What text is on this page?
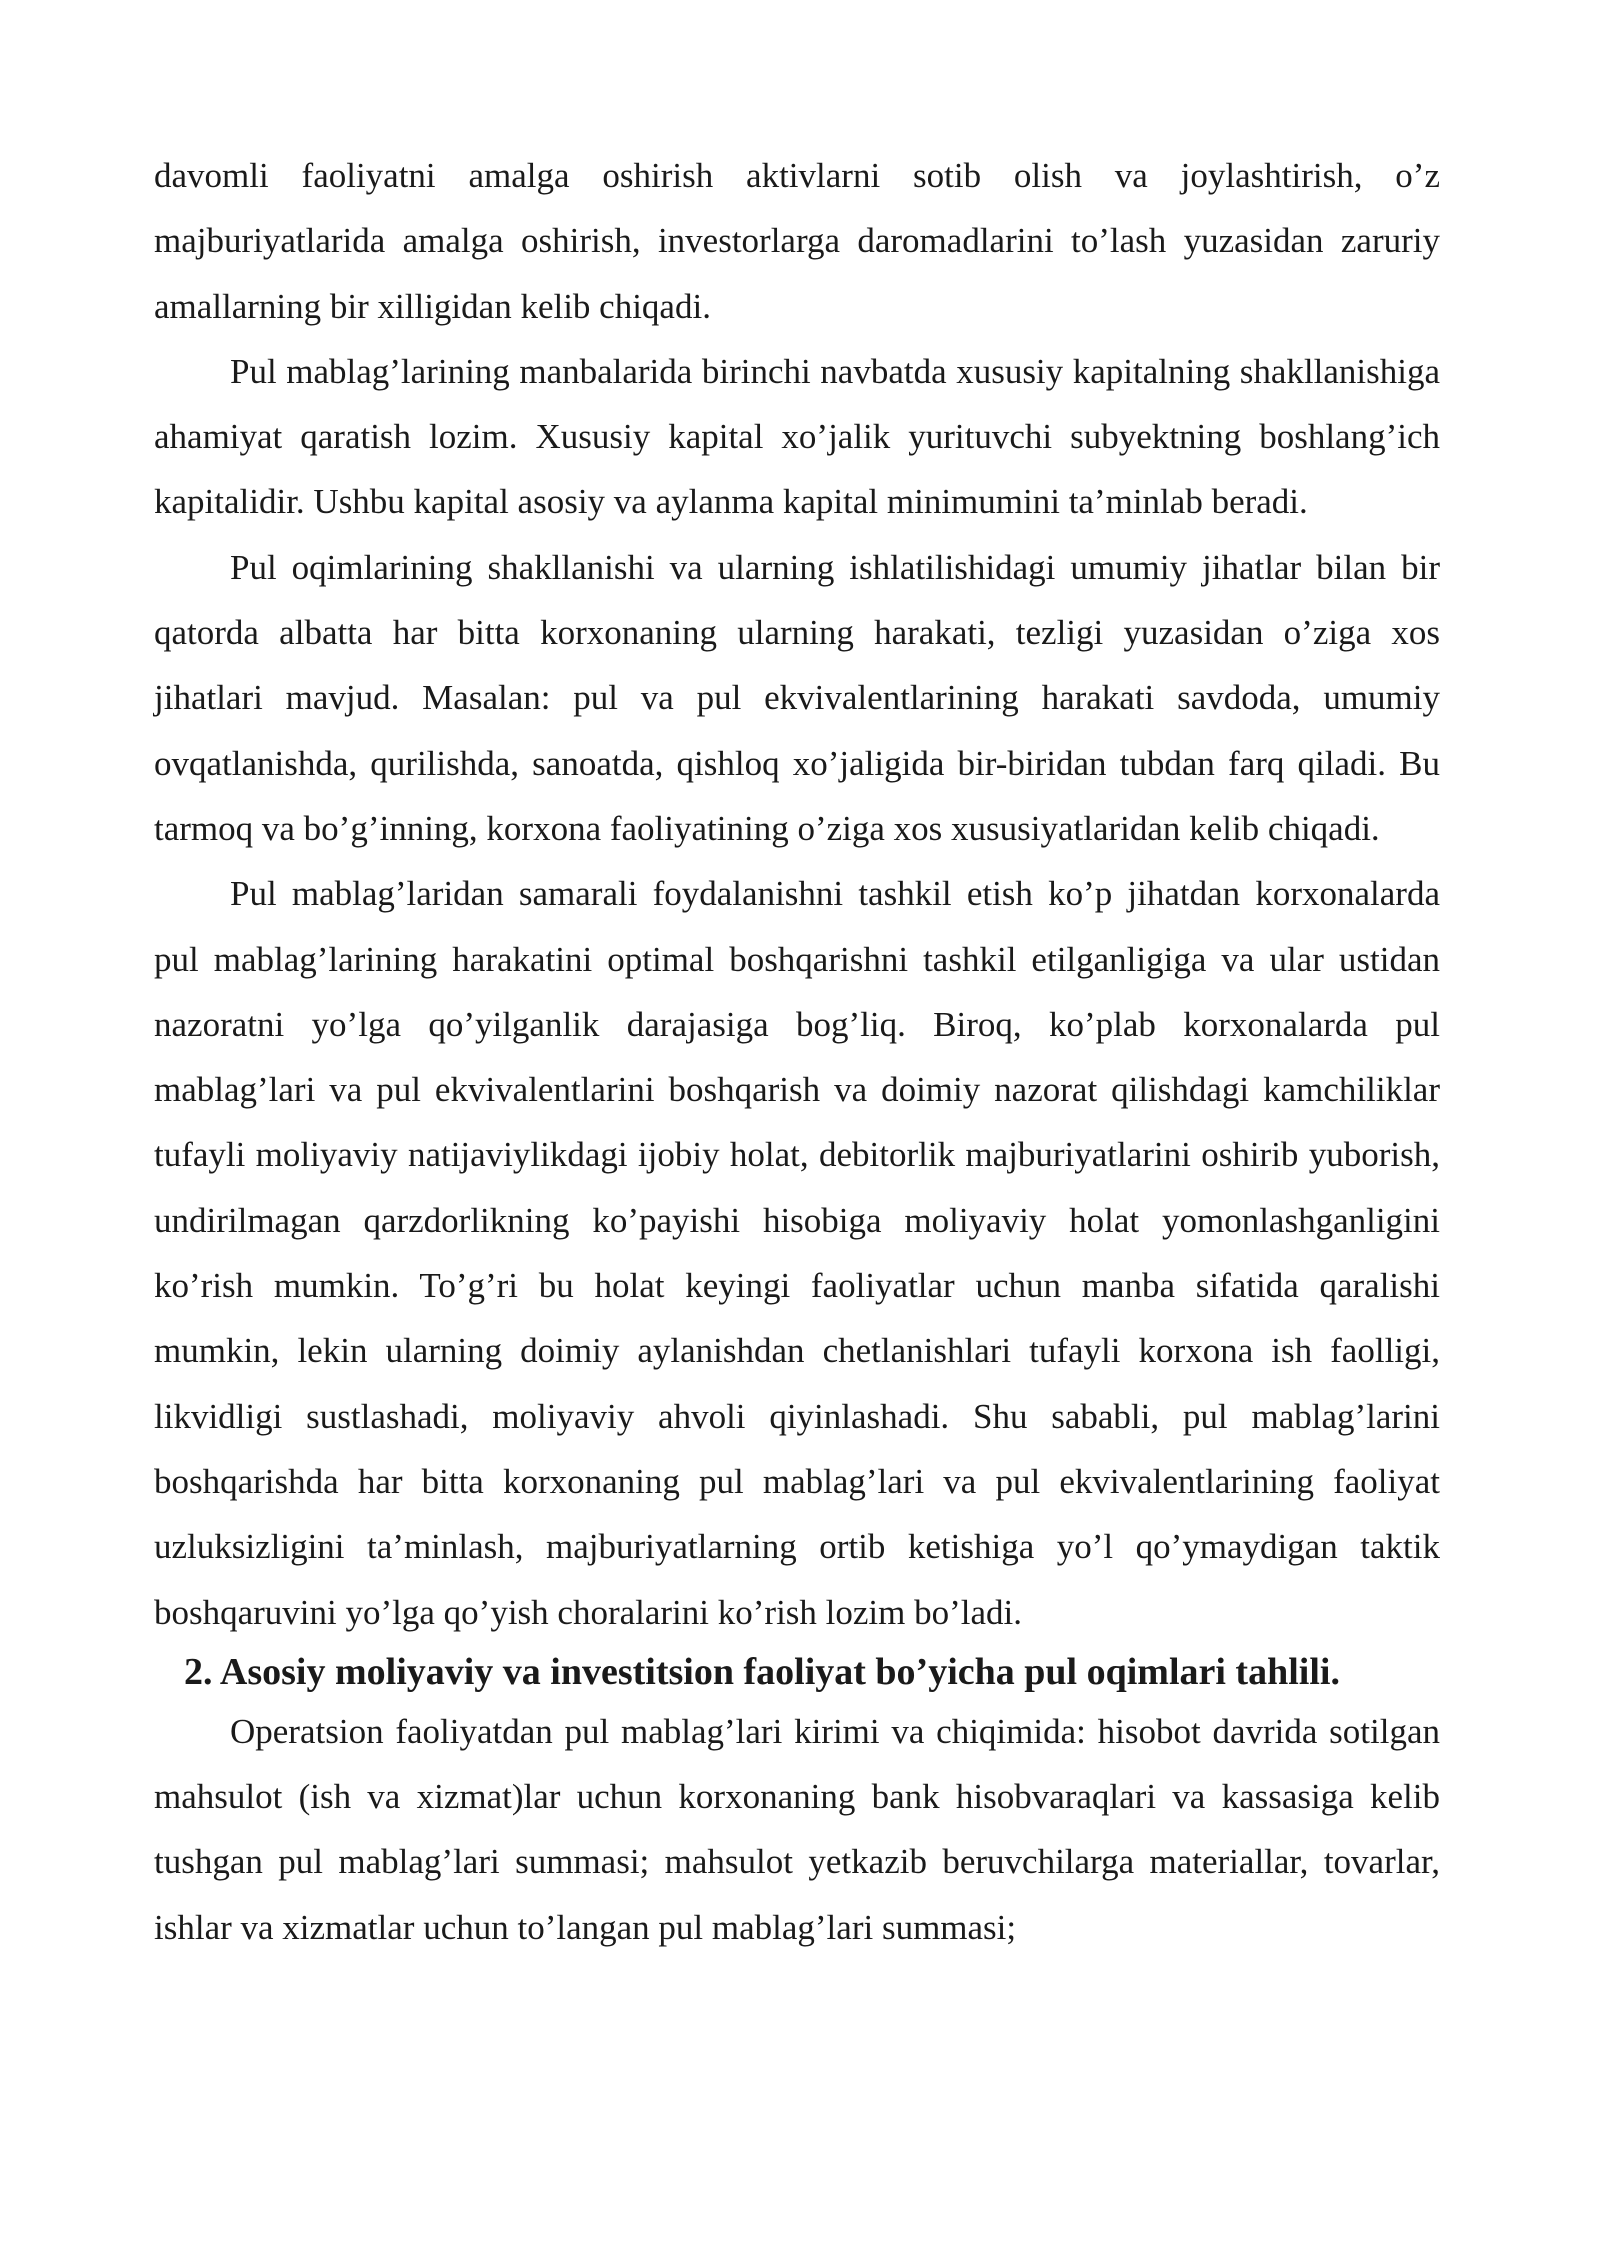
davomli faoliyatni amalga oshirish aktivlarni sotib olish va joylashtirish, o’z majburiyatlarida amalga oshirish, investorlarga daromadlarini to’lash yuzasidan zaruriy amallarning bir xilligidan kelib chiqadi.

Pul mablag’larining manbalarida birinchi navbatda xususiy kapitalning shakllanishiga ahamiyat qaratish lozim. Xususiy kapital xo’jalik yurituvchi subyektning boshlang’ich kapitalidir. Ushbu kapital asosiy va aylanma kapital minimumini ta’minlab beradi.

Pul oqimlarining shakllanishi va ularning ishlatilishidagi umumiy jihatlar bilan bir qatorda albatta har bitta korxonaning ularning harakati, tezligi yuzasidan o’ziga xos jihatlari mavjud. Masalan: pul va pul ekvivalentlarining harakati savdoda, umumiy ovqatlanishda, qurilishda, sanoatda, qishloq xo’jaligida bir-biridan tubdan farq qiladi. Bu tarmoq va bo’g’inning, korxona faoliyatining o’ziga xos xususiyatlaridan kelib chiqadi.

Pul mablag’laridan samarali foydalanishni tashkil etish ko’p jihatdan korxonalarda pul mablag’larining harakatini optimal boshqarishni tashkil etilganligiga va ular ustidan nazoratni yo’lga qo’yilganlik darajasiga bog’liq. Biroq, ko’plab korxonalarda pul mablag’lari va pul ekvivalentlarini boshqarish va doimiy nazorat qilishdagi kamchiliklar tufayli moliyaviy natijaviylikdagi ijobiy holat, debitorlik majburiyatlarini oshirib yuborish, undirilmagan qarzdorlikning ko’payishi hisobiga moliyaviy holat yomonlashganligini ko’rish mumkin. To’g’ri bu holat keyingi faoliyatlar uchun manba sifatida qaralishi mumkin, lekin ularning doimiy aylanishdan chetlanishlari tufayli korxona ish faolligi, likvidligi sustlashadi, moliyaviy ahvoli qiyinlashadi. Shu sababli, pul mablag’larini boshqarishda har bitta korxonaning pul mablag’lari va pul ekvivalentlarining faoliyat uzluksizligini ta’minlash, majburiyatlarning ortib ketishiga yo’l qo’ymaydigan taktik boshqaruvini yo’lga qo’yish choralarini ko’rish lozim bo’ladi.

2. Asosiy moliyaviy va investitsion faoliyat bo’yicha pul oqimlari tahlili.

Operatsion faoliyatdan pul mablag’lari kirimi va chiqimida: hisobot davrida sotilgan mahsulot (ish va xizmat)lar uchun korxonaning bank hisobvaraqlari va kassasiga kelib tushgan pul mablag’lari summasi; mahsulot yetkazib beruvchilarga materiallar, tovarlar, ishlar va xizmatlar uchun to’langan pul mablag’lari summasi;
